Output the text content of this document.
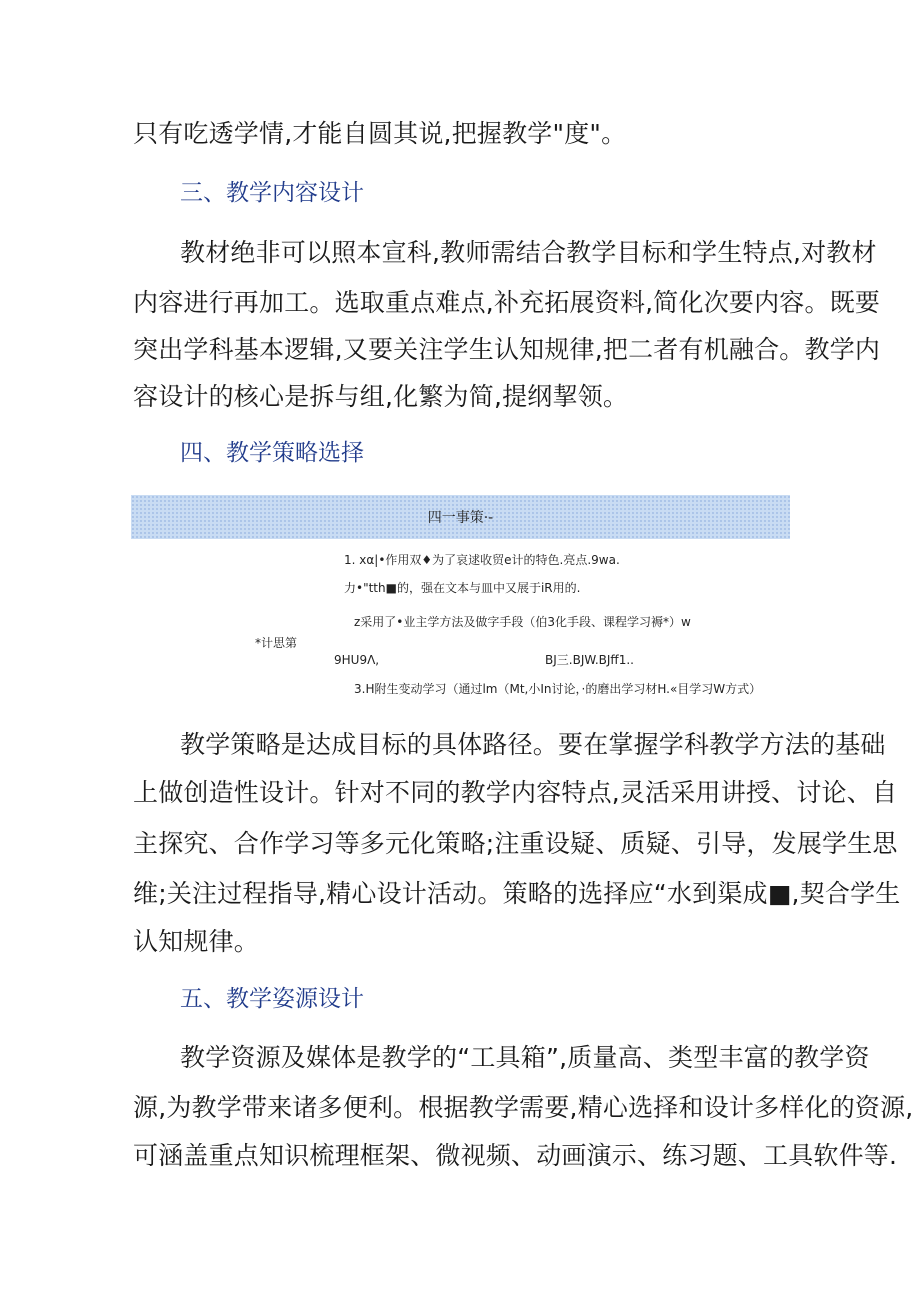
只有吃透学情,才能自圆其说,把握教学"度"。
三、教学内容设计
教材绝非可以照本宣科,教师需结合教学目标和学生特点,对教材
内容进行再加工。选取重点难点,补充拓展资料,简化次要内容。既要
突出学科基本逻辑,又要关注学生认知规律,把二者有机融合。教学内
容设计的核心是拆与组,化繁为简,提纲挈领。
四、教学策略选择
四一事策·-
1. xα|•作用双♦为了哀逑收贸e计的特色.亮点.9wa.
力•"tth■的，强在文本与皿中又展于iR用的.
z采用了•业主学方法及做字手段（伯3化手段、课程学习褥*）w
*计思第
9HU9Λ,	BJ三.BJW.BJff1..
3.H附生变动学习（通过lm（Mt,小In讨论，·的磨出学习材H.«目学习W方式）
教学策略是达成目标的具体路径。要在掌握学科教学方法的基础
上做创造性设计。针对不同的教学内容特点,灵活采用讲授、讨论、自
主探究、合作学习等多元化策略;注重设疑、质疑、引导，发展学生思
维;关注过程指导,精心设计活动。策略的选择应“水到渠成■,契合学生
认知规律。
五、教学姿源设计
教学资源及媒体是教学的“工具箱”,质量高、类型丰富的教学资
源,为教学带来诸多便利。根据教学需要,精心选择和设计多样化的资源,
可涵盖重点知识梳理框架、微视频、动画演示、练习题、工具软件等.
